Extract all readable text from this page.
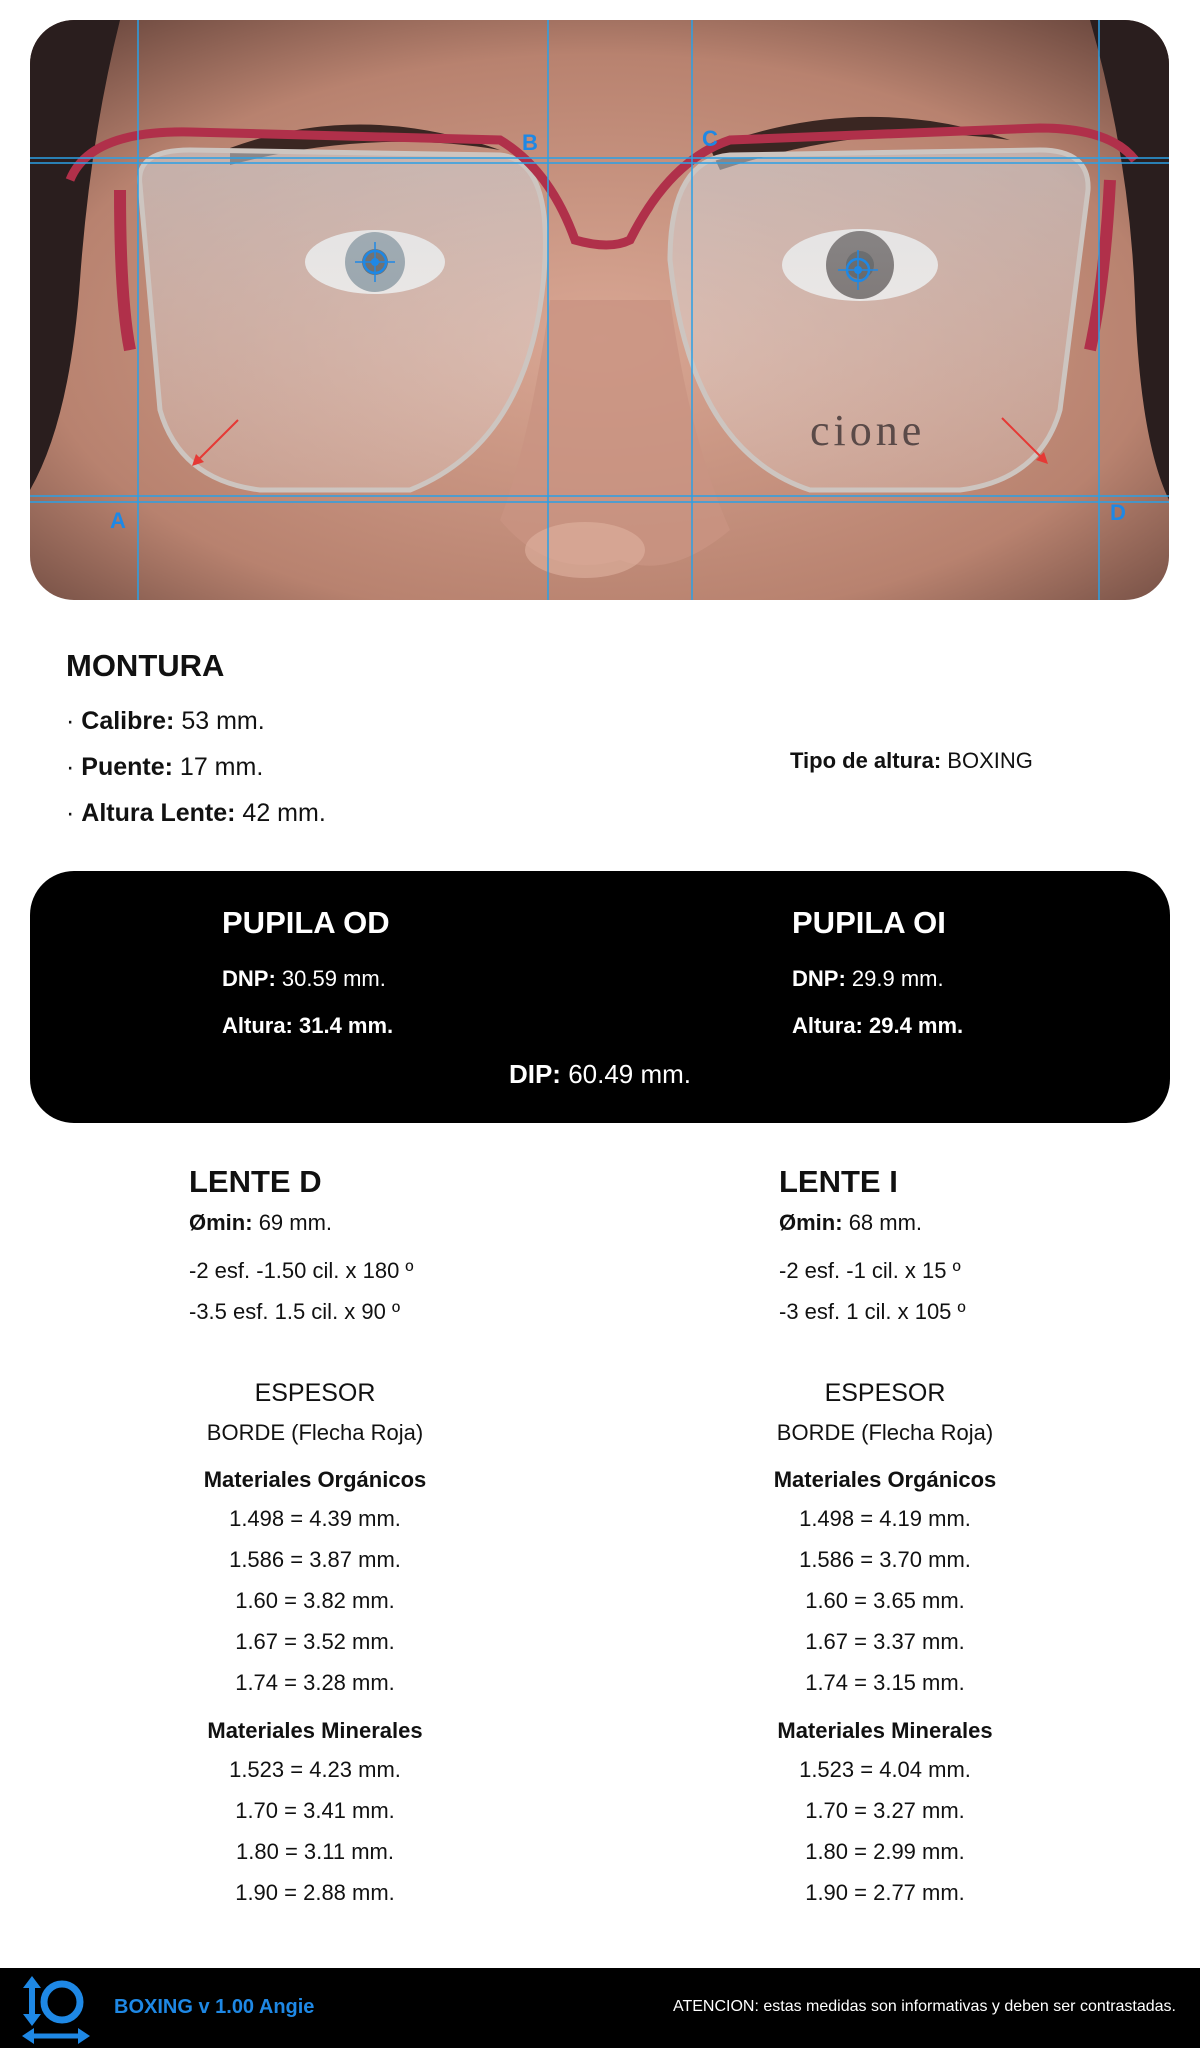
cione
A
B	C
D
MONTURA
· Calibre: 53 mm.
· Puente: 17 mm.
· Altura Lente: 42 mm.
Tipo de altura: BOXING
PUPILA OD
DNP: 30.59 mm.
Altura: 31.4 mm.
PUPILA OI
DNP: 29.9 mm.
Altura: 29.4 mm.
DIP: 60.49 mm.
LENTE D
Ømin: 69 mm.
-2 esf. -1.50 cil. x 180 º
-3.5 esf. 1.5 cil. x 90 º
ESPESOR
BORDE (Flecha Roja)
Materiales Orgánicos
1.498 = 4.39 mm.
1.586 = 3.87 mm.
1.60 = 3.82 mm.
1.67 = 3.52 mm.
1.74 = 3.28 mm.
Materiales Minerales
1.523 = 4.23 mm.
1.70 = 3.41 mm.
1.80 = 3.11 mm.
1.90 = 2.88 mm.
LENTE I
Ømin: 68 mm.
-2 esf. -1 cil. x 15 º
-3 esf. 1 cil. x 105 º
ESPESOR
BORDE (Flecha Roja)
Materiales Orgánicos
1.498 = 4.19 mm.
1.586 = 3.70 mm.
1.60 = 3.65 mm.
1.67 = 3.37 mm.
1.74 = 3.15 mm.
Materiales Minerales
1.523 = 4.04 mm.
1.70 = 3.27 mm.
1.80 = 2.99 mm.
1.90 = 2.77 mm.
BOXING v 1.00 Angie	ATENCION: estas medidas son informativas y deben ser contrastadas.
